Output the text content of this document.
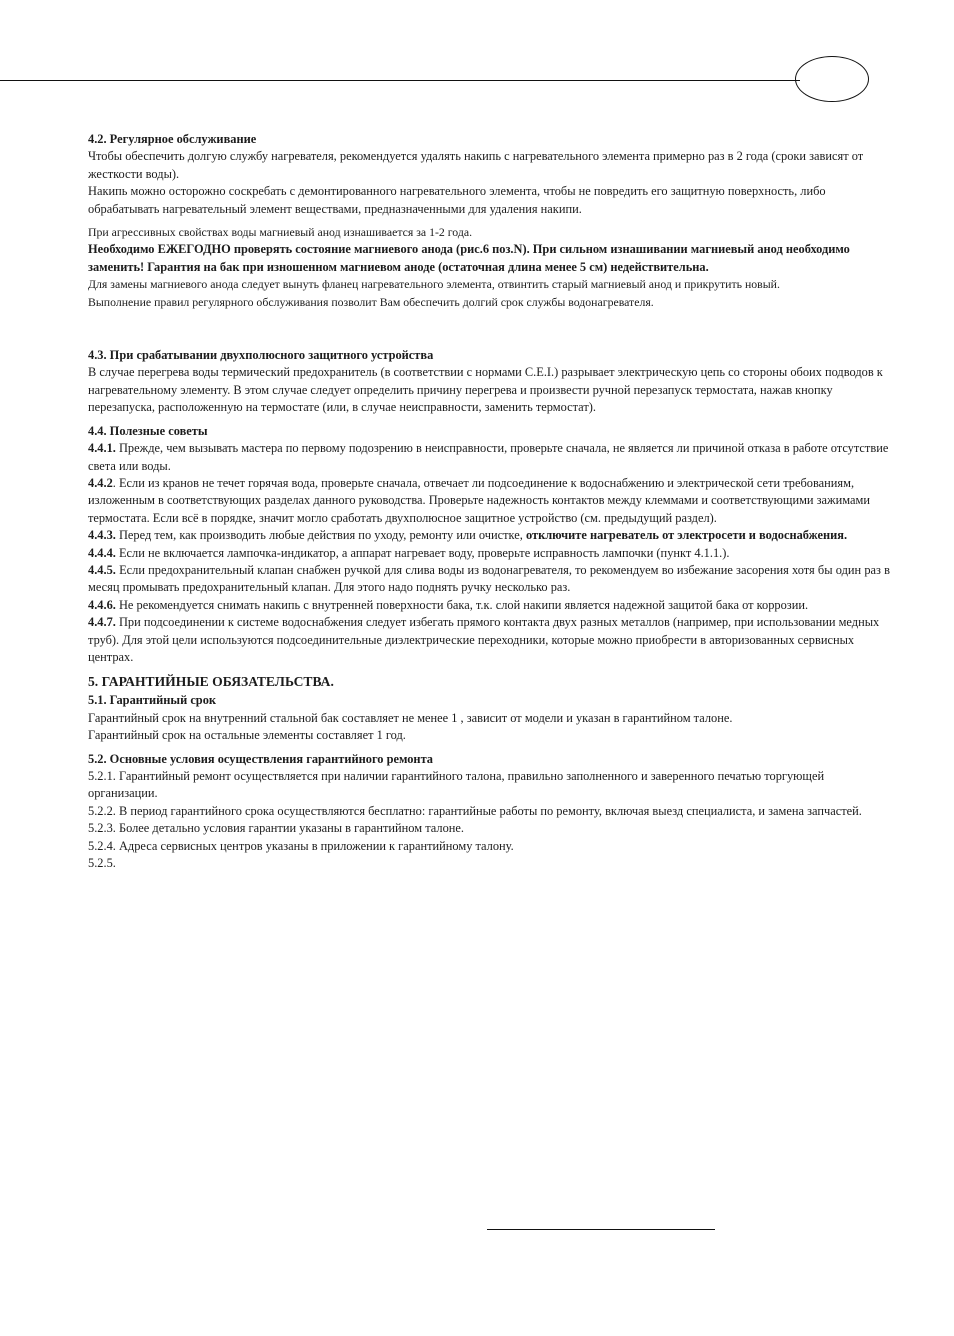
4.2. Регулярное обслуживание

Чтобы обеспечить долгую службу нагревателя, рекомендуется удалять накипь с нагревательного элемента примерно раз в 2 года (сроки зависят от жесткости воды).

Накипь можно осторожно соскребать с демонтированного нагревательного элемента, чтобы не повредить его защитную поверхность, либо обрабатывать нагревательный элемент веществами, предназначенными для удаления накипи.

При агрессивных свойствах воды магниевый анод изнашивается за 1-2 года.

Необходимо ЕЖЕГОДНО проверять состояние магниевого анода (рис.6 поз.N). При сильном изнашивании магниевый анод необходимо заменить! Гарантия на бак при изношенном магниевом аноде (остаточная длина менее 5 см) недействительна.

Для замены магниевого анода следует вынуть фланец нагревательного элемента, отвинтить старый магниевый анод и прикрутить новый.

Выполнение правил регулярного обслуживания позволит Вам обеспечить долгий срок службы водонагревателя.

4.3. При срабатывании двухполюсного защитного устройства

В случае перегрева воды термический предохранитель (в соответствии с нормами С.Е.I.) разрывает электрическую цепь со стороны обоих подводов к нагревательному элементу. В этом случае следует определить причину перегрева и произвести ручной перезапуск термостата, нажав кнопку перезапуска, расположенную на термостате (или, в случае неисправности, заменить термостат).

4.4. Полезные советы

4.4.1. Прежде, чем вызывать мастера по первому подозрению в неисправности, проверьте сначала, не является ли причиной отказа в работе отсутствие света или воды.

4.4.2. Если из кранов не течет горячая вода, проверьте сначала, отвечает ли подсоединение к водоснабжению и электрической сети требованиям, изложенным в соответствующих разделах данного руководства. Проверьте надежность контактов между клеммами и соответствующими зажимами термостата. Если всё в порядке, значит могло сработать двухполюсное защитное устройство (см. предыдущий раздел).

4.4.3. Перед тем, как производить любые действия по уходу, ремонту или очистке, отключите нагреватель от электросети и водоснабжения.

4.4.4. Если не включается лампочка-индикатор, а аппарат нагревает воду, проверьте исправность лампочки (пункт 4.1.1.).

4.4.5. Если предохранительный клапан снабжен ручкой для слива воды из водонагревателя, то рекомендуем во избежание засорения хотя бы один раз в месяц промывать предохранительный клапан. Для этого надо поднять ручку несколько раз.

4.4.6. Не рекомендуется снимать накипь с внутренней поверхности бака, т.к. слой накипи является надежной защитой бака от коррозии.

4.4.7. При подсоединении к системе водоснабжения следует избегать прямого контакта двух разных металлов (например, при использовании медных труб). Для этой цели используются подсоединительные диэлектрические переходники, которые можно приобрести в авторизованных сервисных центрах.

5. ГАРАНТИЙНЫЕ ОБЯЗАТЕЛЬСТВА.

5.1. Гарантийный срок

Гарантийный срок на внутренний стальной бак составляет не менее 1 , зависит от модели и указан в гарантийном талоне.

Гарантийный срок на остальные элементы составляет 1 год.

5.2. Основные условия осуществления гарантийного ремонта

5.2.1. Гарантийный ремонт осуществляется при наличии гарантийного талона, правильно заполненного и заверенного печатью торгующей организации.

5.2.2. В период гарантийного срока осуществляются бесплатно: гарантийные работы по ремонту, включая выезд специалиста, и замена запчастей.

5.2.3. Более детально условия гарантии указаны в гарантийном талоне.

5.2.4. Адреса сервисных центров указаны в приложении к гарантийному талону.

5.2.5.
